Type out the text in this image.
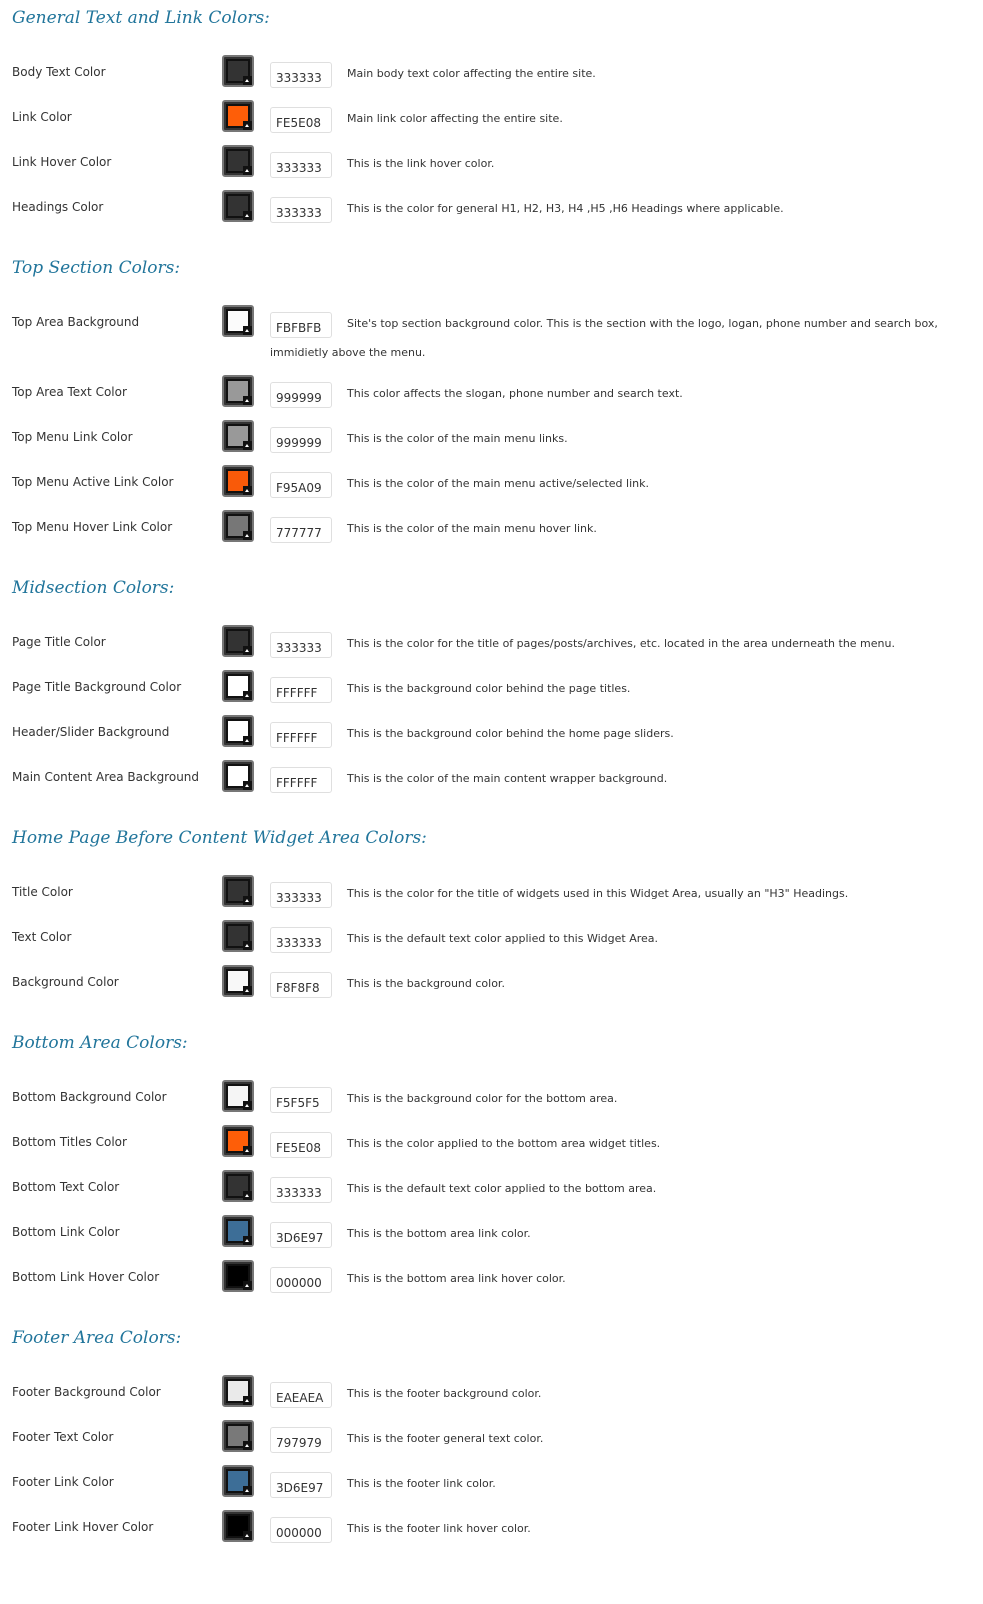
General Text and Link Colors:
Body Text Color
333333	Main body text color affecting the entire site.
Link Color
FE5E08	Main link color affecting the entire site.
Link Hover Color
333333	This is the link hover color.
Headings Color
333333	This is the color for general H1, H2, H3, H4 ,H5 ,H6 Headings where applicable.
Top Section Colors:
Top Area Background
FBFBFB	Site's top section background color. This is the section with the logo, logan, phone number and search box,
immidietly above the menu.
Top Area Text Color
999999	This color affects the slogan, phone number and search text.
Top Menu Link Color
999999	This is the color of the main menu links.
Top Menu Active Link Color
F95A09	This is the color of the main menu active/selected link.
Top Menu Hover Link Color
777777	This is the color of the main menu hover link.
Midsection Colors:
Page Title Color
333333	This is the color for the title of pages/posts/archives, etc. located in the area underneath the menu.
Page Title Background Color
FFFFFF	This is the background color behind the page titles.
Header/Slider Background
FFFFFF	This is the background color behind the home page sliders.
Main Content Area Background
FFFFFF	This is the color of the main content wrapper background.
Home Page Before Content Widget Area Colors:
Title Color
333333	This is the color for the title of widgets used in this Widget Area, usually an "H3" Headings.
Text Color
333333	This is the default text color applied to this Widget Area.
Background Color
F8F8F8	This is the background color.
Bottom Area Colors:
Bottom Background Color
F5F5F5	This is the background color for the bottom area.
Bottom Titles Color
FE5E08	This is the color applied to the bottom area widget titles.
Bottom Text Color
333333	This is the default text color applied to the bottom area.
Bottom Link Color
3D6E97	This is the bottom area link color.
Bottom Link Hover Color
000000	This is the bottom area link hover color.
Footer Area Colors:
Footer Background Color
EAEAEA	This is the footer background color.
Footer Text Color
797979	This is the footer general text color.
Footer Link Color
3D6E97	This is the footer link color.
Footer Link Hover Color
000000	This is the footer link hover color.
